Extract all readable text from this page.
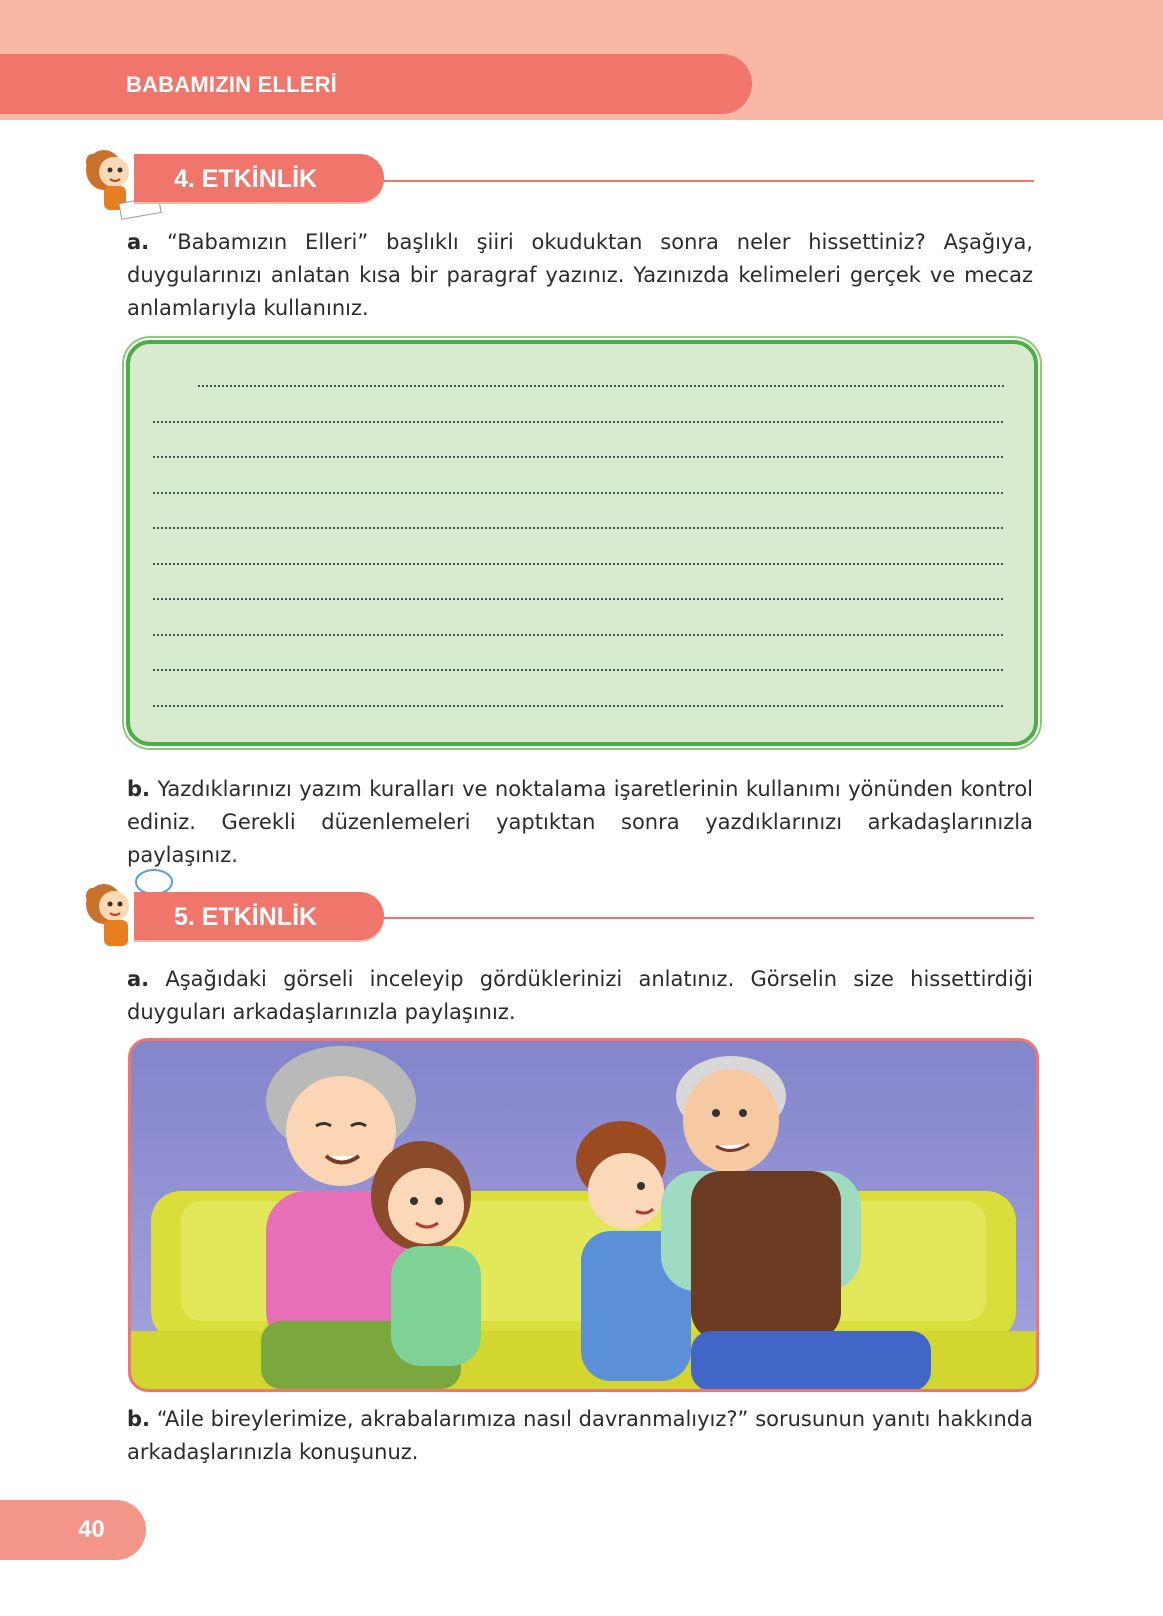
BABAMIZIN ELLERİ
4. ETKİNLİK
a. “Babamızın Elleri” başlıklı şiiri okuduktan sonra neler hissettiniz? Aşağıya, duygularınızı anlatan kısa bir paragraf yazınız. Yazınızda kelimeleri gerçek ve mecaz anlamlarıyla kullanınız.
b. Yazdıklarınızı yazım kuralları ve noktalama işaretlerinin kullanımı yönünden kontrol ediniz. Gerekli düzenlemeleri yaptıktan sonra yazdıklarınızı arkadaşlarınızla paylaşınız.
5. ETKİNLİK
a. Aşağıdaki görseli inceleyip gördüklerinizi anlatınız. Görselin size hissettirdiği duyguları arkadaşlarınızla paylaşınız.
b. “Aile bireylerimize, akrabalarımıza nasıl davranmalıyız?” sorusunun yanıtı hakkında arkadaşlarınızla konuşunuz.
40
